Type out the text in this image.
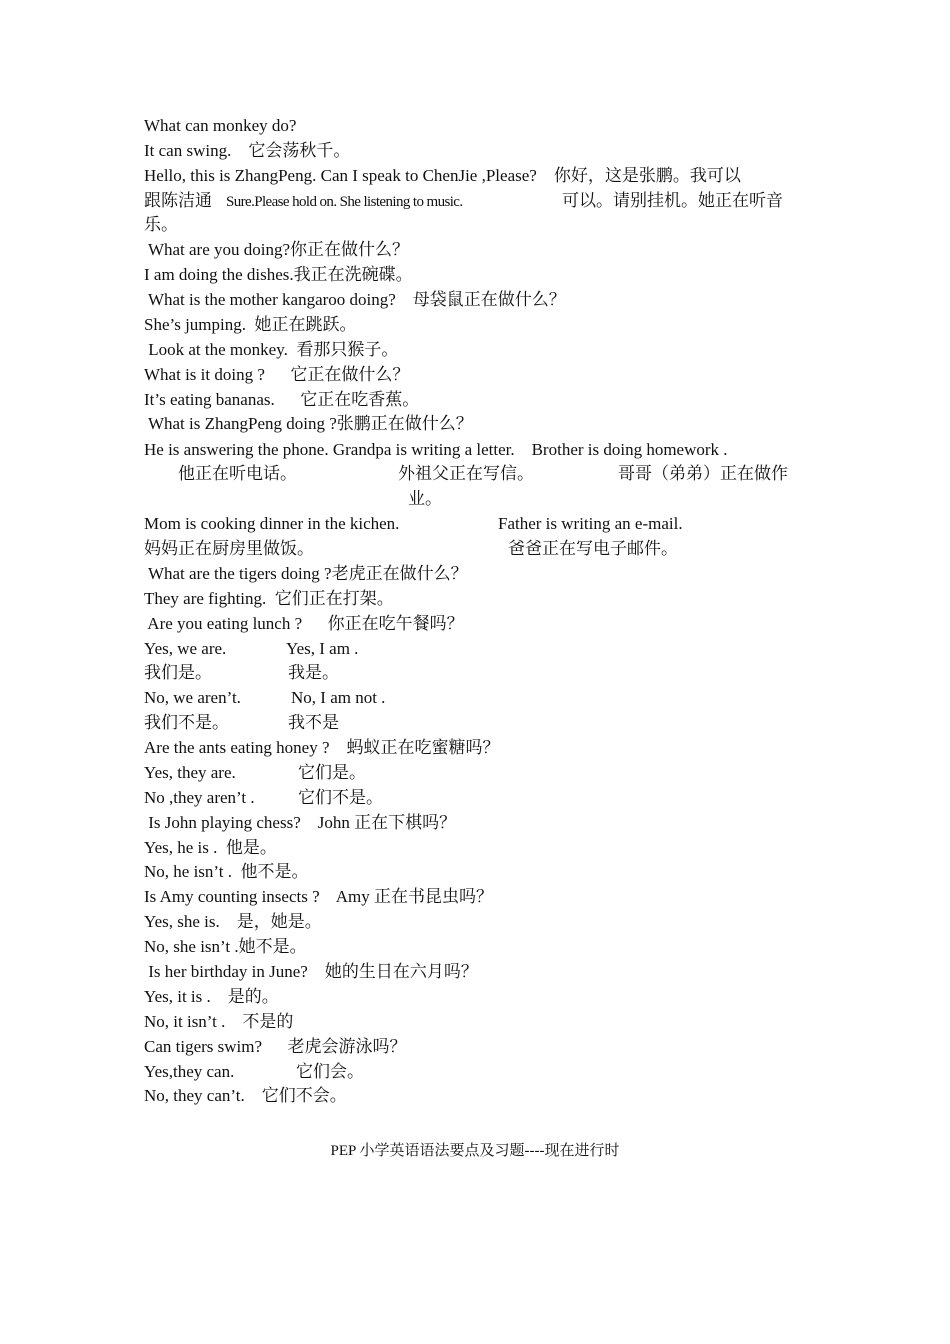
What can monkey do?
It can swing.    它会荡秋千。
Hello, this is ZhangPeng. Can I speak to ChenJie ,Please?    你好，这是张鹏。我可以
跟陈洁通 Sure.Please hold on. She listening to music.	可以。请别挂机。她正在听音
乐。
What are you doing?你正在做什么？
I am doing the dishes.我正在洗碗碟。
What is the mother kangaroo doing?    母袋鼠正在做什么？
She’s jumping.  她正在跳跃。
Look at the monkey.  看那只猴子。
What is it doing ?      它正在做什么？
It’s eating bananas.      它正在吃香蕉。
What is ZhangPeng doing ?张鹏正在做什么？
He is answering the phone. Grandpa is writing a letter.    Brother is doing homework .
他正在听电话。	外祖父正在写信。	哥哥（弟弟）正在做作
业。
Mom is cooking dinner in the kichen.	Father is writing an e-mail.
妈妈正在厨房里做饭。	爸爸正在写电子邮件。
What are the tigers doing ?老虎正在做什么？
They are fighting.  它们正在打架。
Are you eating lunch ?      你正在吃午餐吗？
Yes, we are.	Yes, I am .
我们是。	我是。
No, we aren’t.	No, I am not .
我们不是。	我不是
Are the ants eating honey ?    蚂蚁正在吃蜜糖吗？
Yes, they are.	它们是。
No ,they aren’t .	它们不是。
Is John playing chess?    John 正在下棋吗？
Yes, he is .  他是。
No, he isn’t .  他不是。
Is Amy counting insects ?    Amy 正在书昆虫吗？
Yes, she is.    是，她是。
No, she isn’t .她不是。
Is her birthday in June?    她的生日在六月吗？
Yes, it is .    是的。
No, it isn’t .    不是的
Can tigers swim?      老虎会游泳吗？
Yes,they can.	它们会。
No, they can’t.    它们不会。
PEP 小学英语语法要点及习题----现在进行时
